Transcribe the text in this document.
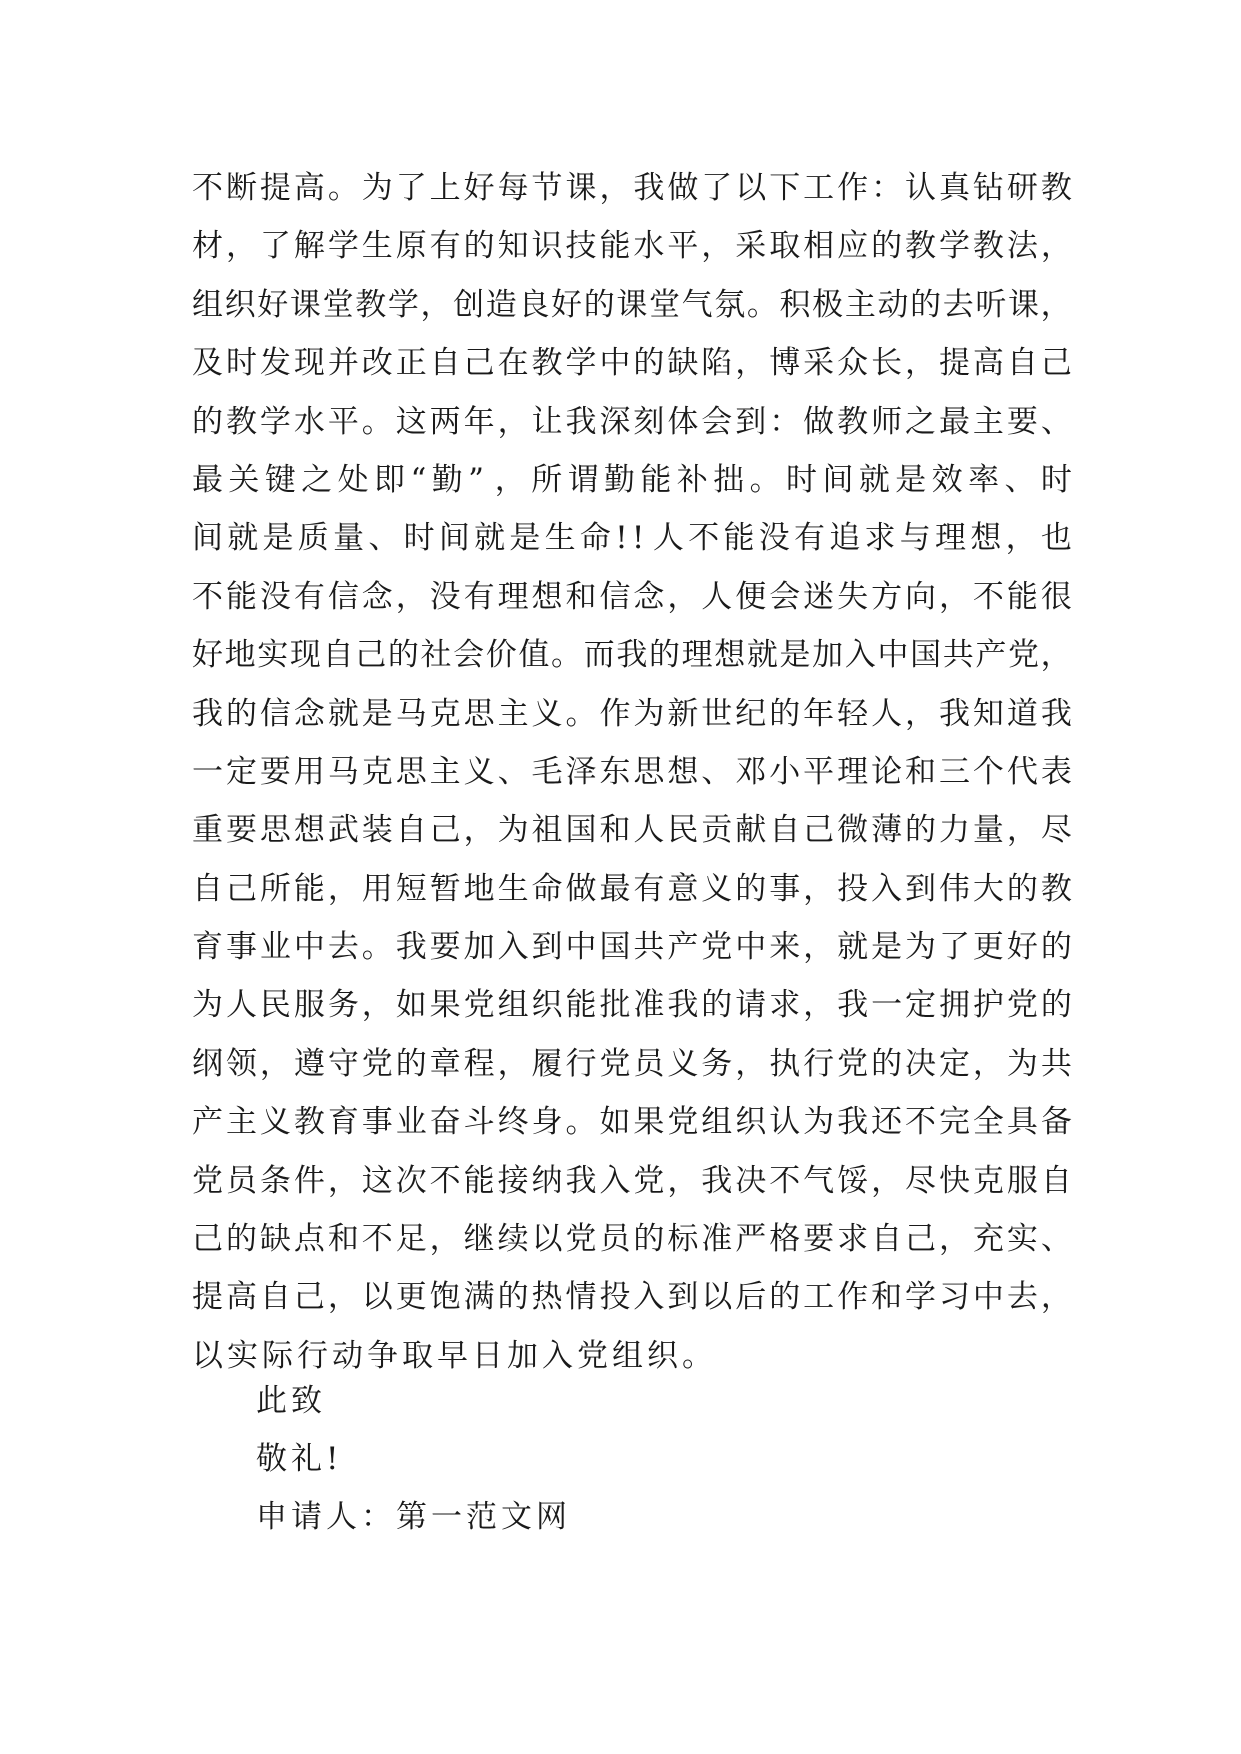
不 断 提 高 。 为 了 上 好 每 节 课 ， 我 做 了 以 下 工 作 ： 认 真 钻 研 教
材 ， 了 解 学 生 原 有 的 知 识 技 能 水 平 ， 采 取 相 应 的 教 学 教 法 ，
组 织 好 课 堂 教 学 ， 创 造 良 好 的 课 堂 气 氛 。 积 极 主 动 的 去 听 课 ，
及 时 发 现 并 改 正 自 己 在 教 学 中 的 缺 陷 ， 博 采 众 长 ， 提 高 自 己
的 教 学 水 平 。 这 两 年 ， 让 我 深 刻 体 会 到 ： 做 教 师 之 最 主 要 、
最 关 键 之 处 即 “ 勤 ” ， 所 谓 勤 能 补 拙 。 时 间 就 是 效 率 、 时
间 就 是 质 量 、 时 间 就 是 生 命 ! ! 人 不 能 没 有 追 求 与 理 想 ， 也
不 能 没 有 信 念 ， 没 有 理 想 和 信 念 ， 人 便 会 迷 失 方 向 ， 不 能 很
好 地 实 现 自 己 的 社 会 价 值 。 而 我 的 理 想 就 是 加 入 中 国 共 产 党 ，
我 的 信 念 就 是 马 克 思 主 义 。 作 为 新 世 纪 的 年 轻 人 ， 我 知 道 我
一 定 要 用 马 克 思 主 义 、 毛 泽 东 思 想 、 邓 小 平 理 论 和 三 个 代 表
重 要 思 想 武 装 自 己 ， 为 祖 国 和 人 民 贡 献 自 己 微 薄 的 力 量 ， 尽
自 己 所 能 ， 用 短 暂 地 生 命 做 最 有 意 义 的 事 ， 投 入 到 伟 大 的 教
育 事 业 中 去 。 我 要 加 入 到 中 国 共 产 党 中 来 ， 就 是 为 了 更 好 的
为 人 民 服 务 ， 如 果 党 组 织 能 批 准 我 的 请 求 ， 我 一 定 拥 护 党 的
纲 领 ， 遵 守 党 的 章 程 ， 履 行 党 员 义 务 ， 执 行 党 的 决 定 ， 为 共
产 主 义 教 育 事 业 奋 斗 终 身 。 如 果 党 组 织 认 为 我 还 不 完 全 具 备
党 员 条 件 ， 这 次 不 能 接 纳 我 入 党 ， 我 决 不 气 馁 ， 尽 快 克 服 自
己 的 缺 点 和 不 足 ， 继 续 以 党 员 的 标 准 严 格 要 求 自 己 ， 充 实 、
提 高 自 己 ， 以 更 饱 满 的 热 情 投 入 到 以 后 的 工 作 和 学 习 中 去 ，
以实际行动争取早日加入党组织。
此致
敬礼!
申请人：第一范文网
